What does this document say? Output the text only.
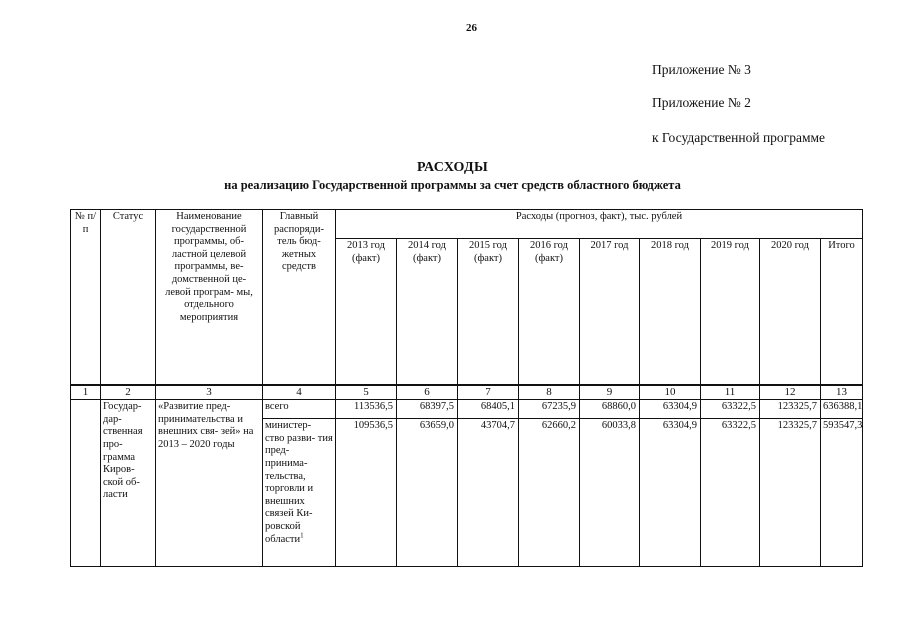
26
Приложение № 3
Приложение № 2
к Государственной программе
РАСХОДЫ
на реализацию Государственной программы за счет средств областного бюджета
№ п/п	Статус	Наименование государственной программы, об- ластной целевой программы, ве- домственной це- левой програм- мы, отдельного мероприятия	Главный распоряди- тель бюд- жетных средств	Расходы (прогноз, факт), тыс. рублей								
				2013 год (факт)	2014 год (факт)	2015 год (факт)	2016 год (факт)	2017 год	2018 год	2019 год	2020 год	Итого
1	2	3	4	5	6	7	8	9	10	11	12	13
	Государ- дар- ственная про- грамма Киров- ской об- ласти	«Развитие пред- принимательства и внешних свя- зей» на 2013 – 2020 годы	всего	113536,5	68397,5	68405,1	67235,9	68860,0	63304,9	63322,5	123325,7	636388,1
			министер- ство разви- тия пред- принима- тельства, торговли и внешних связей Ки- ровской области$^1$	109536,5	63659,0	43704,7	62660,2	60033,8	63304,9	63322,5	123325,7	593547,3
